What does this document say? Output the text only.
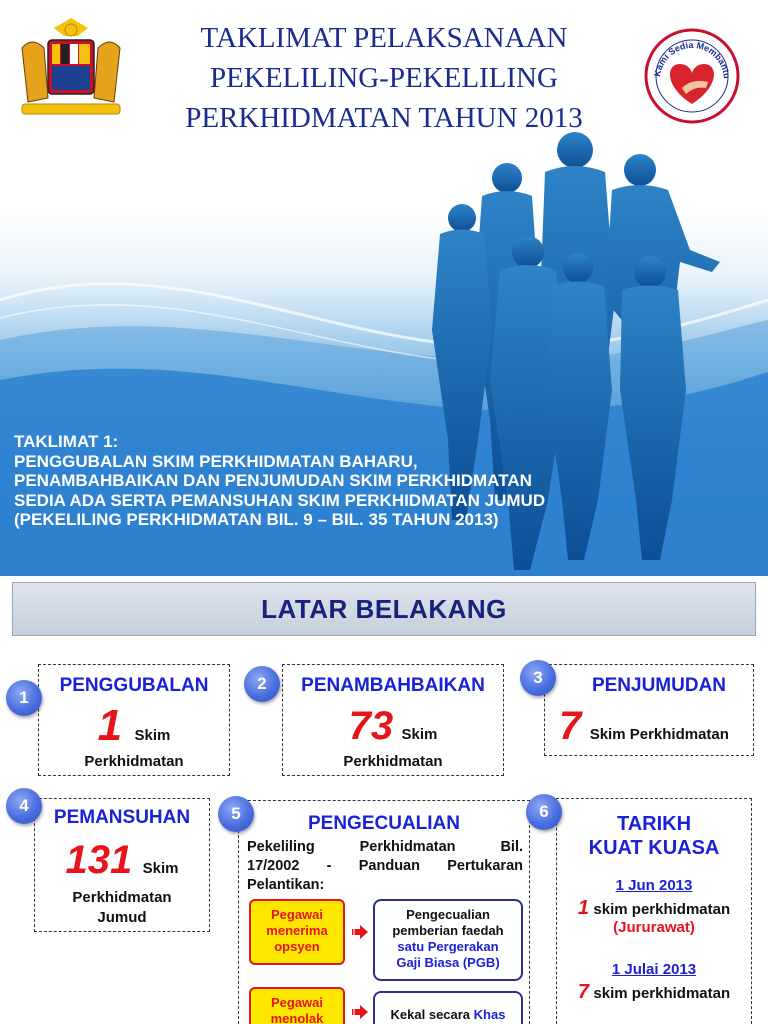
TAKLIMAT PELAKSANAAN
PEKELILING-PEKELILING
PERKHIDMATAN TAHUN 2013
Kami Sedia Membantu
TAKLIMAT 1:
PENGGUBALAN SKIM PERKHIDMATAN BAHARU,
PENAMBAHBAIKAN DAN PENJUMUDAN SKIM PERKHIDMATAN
SEDIA ADA SERTA PEMANSUHAN SKIM PERKHIDMATAN JUMUD
(PEKELILING PERKHIDMATAN BIL. 9 – BIL. 35 TAHUN 2013)
LATAR BELAKANG
PENGGUBALAN
1 Skim
Perkhidmatan
1
PENAMBAHBAIKAN
73 Skim
Perkhidmatan
2	PENJUMUDAN
7 Skim Perkhidmatan
3
PEMANSUHAN
131 Skim
Perkhidmatan
Jumud
4
PENGECUALIAN
Pekeliling Perkhidmatan Bil.
17/2002 - Panduan Pertukaran
Pelantikan:
Pegawai
menerima
opsyen
Pengecualian
pemberian faedah
satu Pergerakan
Gaji Biasa (PGB)
Pegawai
menolak	Kekal secara Khas
5	TARIKH
KUAT KUASA
1 Jun 2013
1 skim perkhidmatan
(Jururawat)
1 Julai 2013
7 skim perkhidmatan
6
